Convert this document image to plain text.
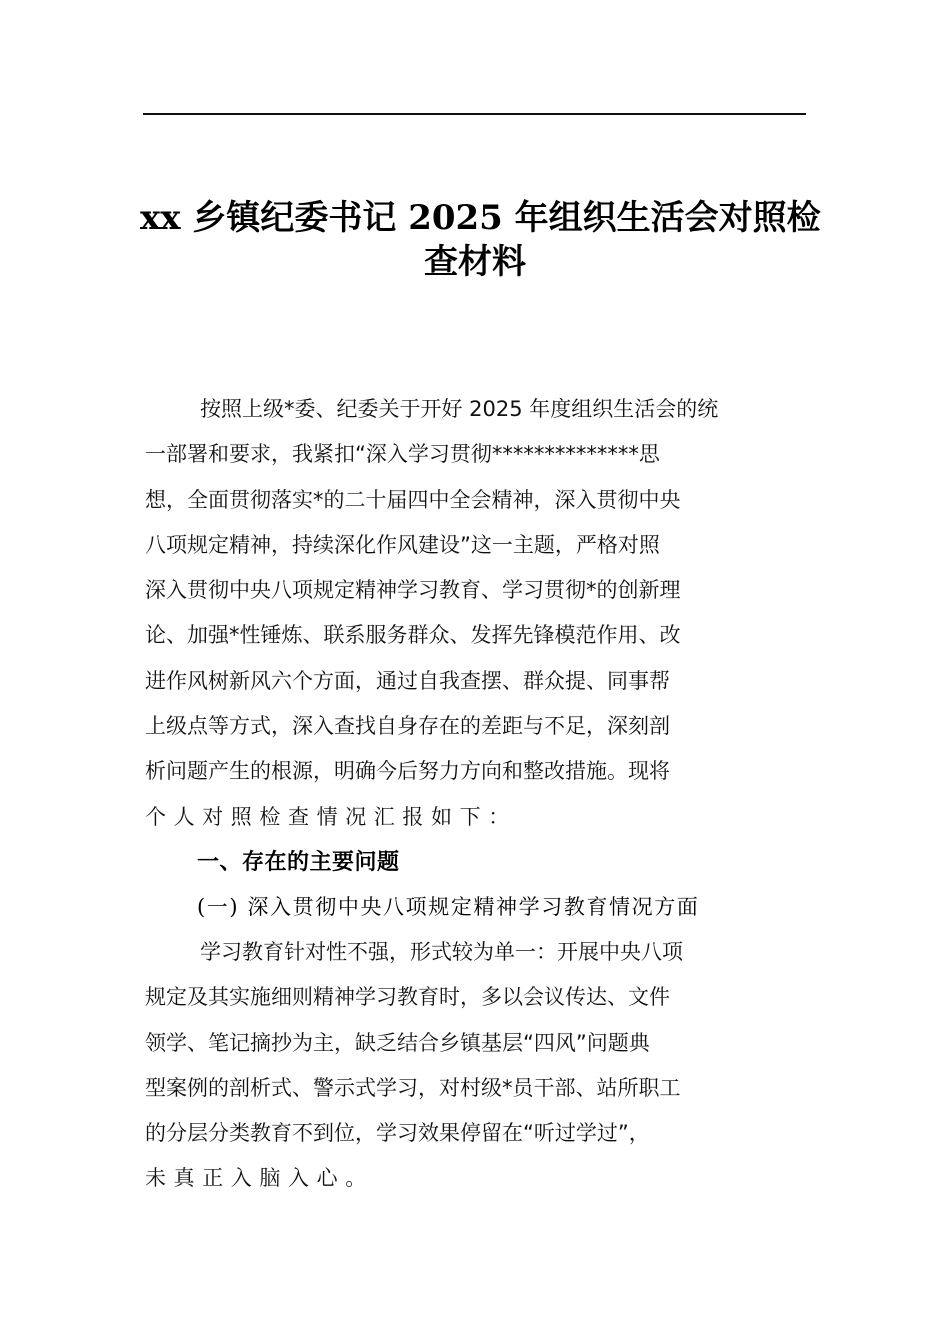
xx 乡镇纪委书记 2025 年组织生活会对照检
查材料
按照上级*委、纪委关于开好 2025 年度组织生活会的统
一部署和要求，我紧扣“深入学习贯彻**************思
想，全面贯彻落实*的二十届四中全会精神，深入贯彻中央
八项规定精神，持续深化作风建设”这一主题，严格对照
深入贯彻中央八项规定精神学习教育、学习贯彻*的创新理
论、加强*性锤炼、联系服务群众、发挥先锋模范作用、改
进作风树新风六个方面，通过自我查摆、群众提、同事帮
上级点等方式，深入查找自身存在的差距与不足，深刻剖
析问题产生的根源，明确今后努力方向和整改措施。现将
个人对照检查情况汇报如下：
一、存在的主要问题
(一) 深入贯彻中央八项规定精神学习教育情况方面
学习教育针对性不强，形式较为单一：开展中央八项
规定及其实施细则精神学习教育时，多以会议传达、文件
领学、笔记摘抄为主，缺乏结合乡镇基层“四风”问题典
型案例的剖析式、警示式学习，对村级*员干部、站所职工
的分层分类教育不到位，学习效果停留在“听过学过”，
未真正入脑入心。
